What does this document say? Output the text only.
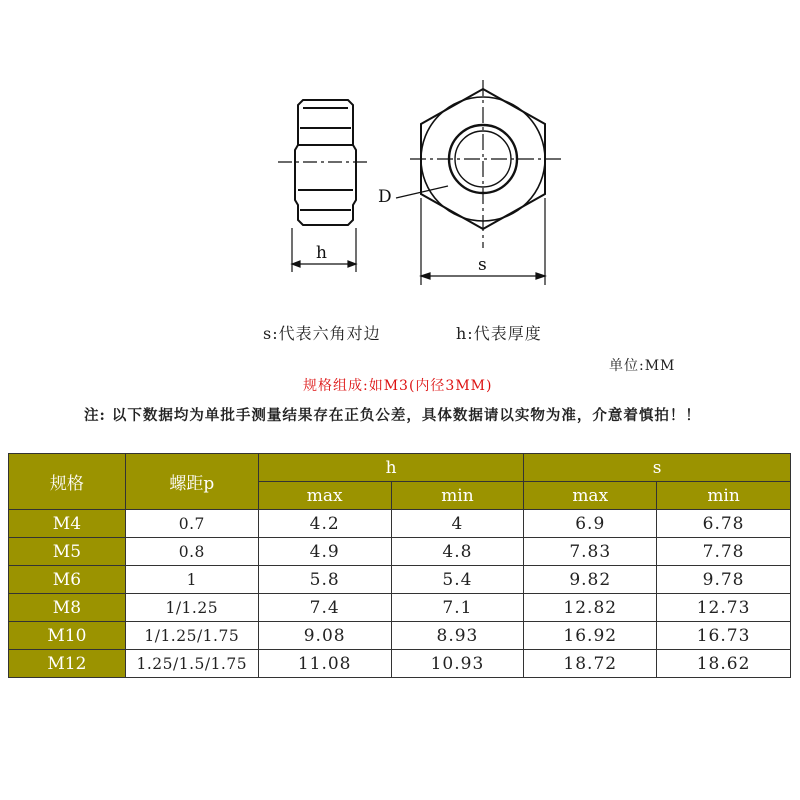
h
s
D
s:代表六角对边	h:代表厚度
单位:MM
规格组成:如M3(内径3MM)
注: 以下数据均为单批手测量结果存在正负公差，具体数据请以实物为准，介意着慎拍！！
规格	螺距p	h		s	
		max	min	max	min
M4	0.7	4.2	4	6.9	6.78
M5	0.8	4.9	4.8	7.83	7.78
M6	1	5.8	5.4	9.82	9.78
M8	1/1.25	7.4	7.1	12.82	12.73
M10	1/1.25/1.75	9.08	8.93	16.92	16.73
M12	1.25/1.5/1.75	11.08	10.93	18.72	18.62
